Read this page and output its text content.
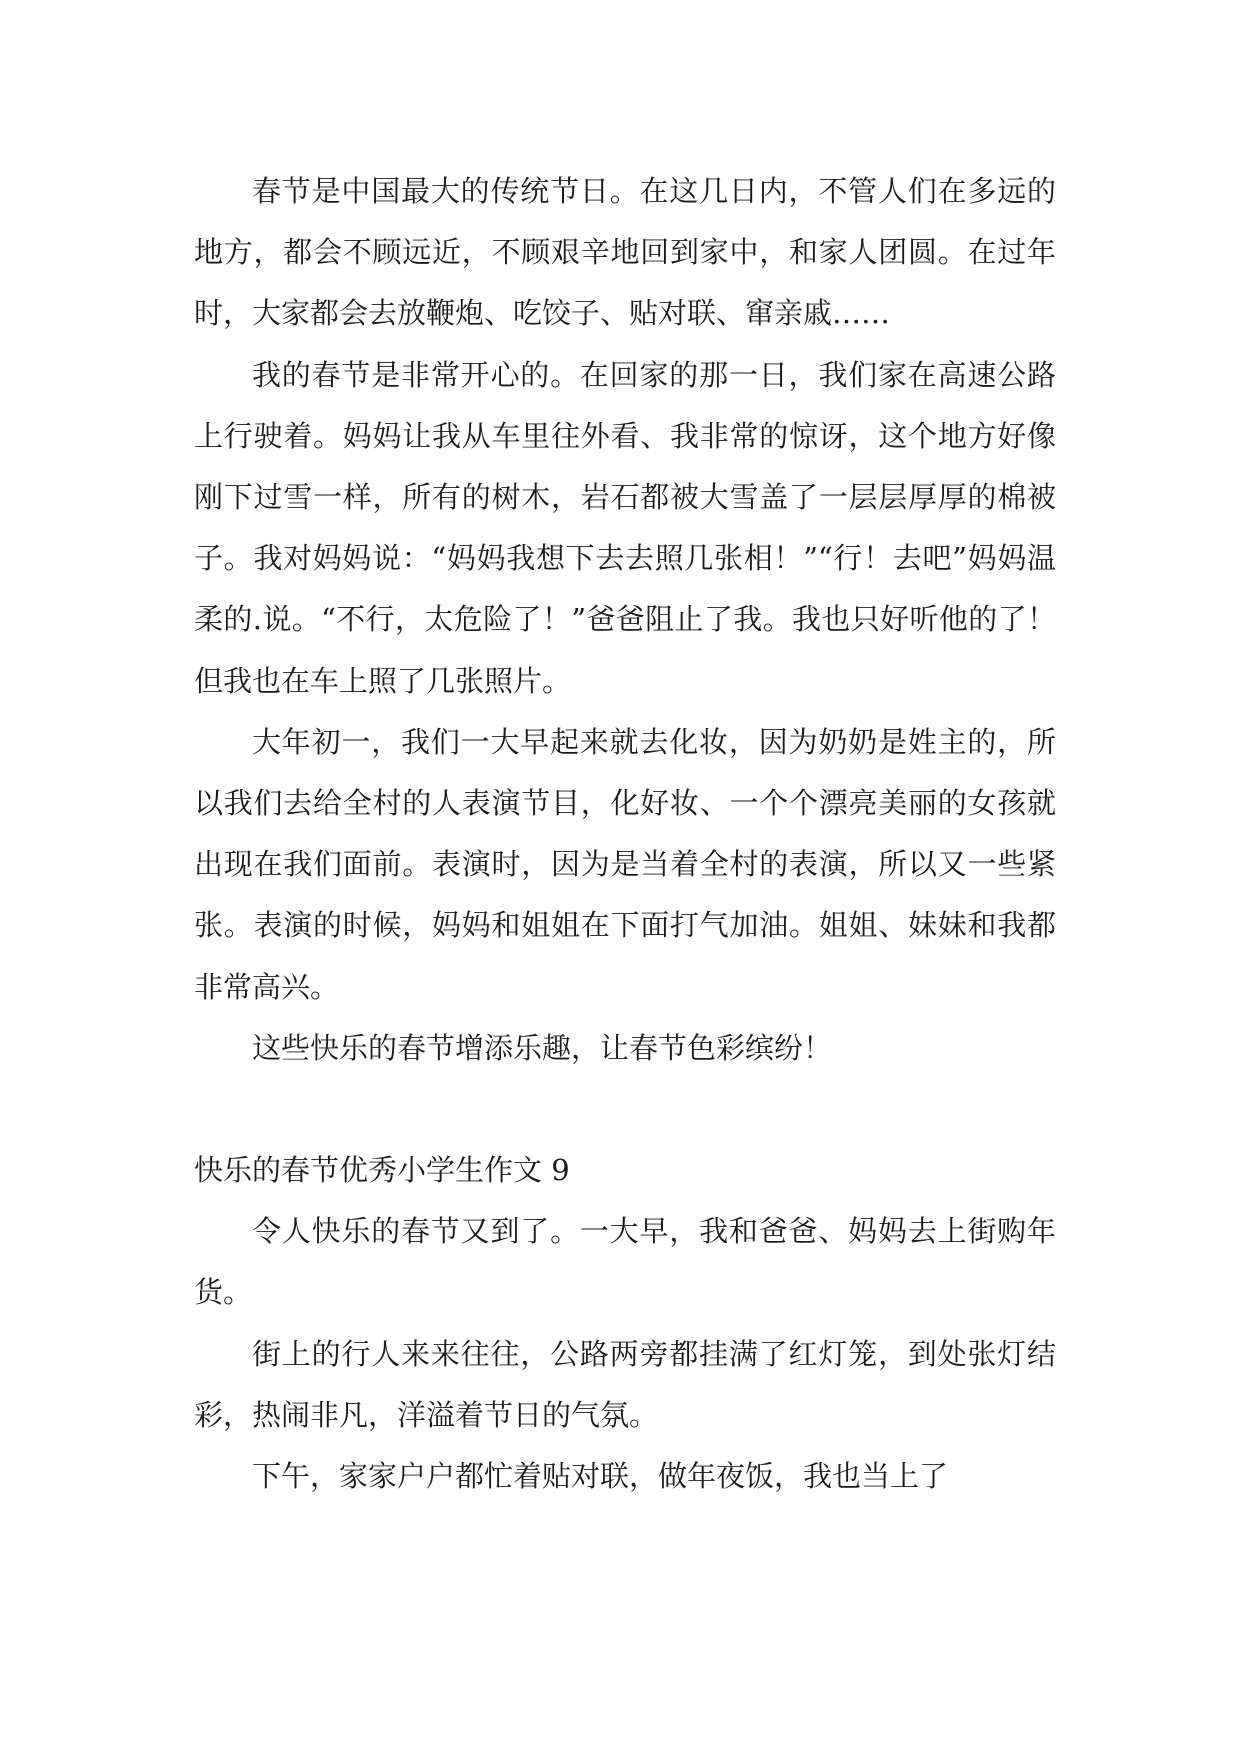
春节是中国最大的传统节日。在这几日内，不管人们在多远的地方，都会不顾远近，不顾艰辛地回到家中，和家人团圆。在过年时，大家都会去放鞭炮、吃饺子、贴对联、窜亲戚……

我的春节是非常开心的。在回家的那一日，我们家在高速公路上行驶着。妈妈让我从车里往外看、我非常的惊讶，这个地方好像刚下过雪一样，所有的树木，岩石都被大雪盖了一层层厚厚的棉被子。我对妈妈说：“妈妈我想下去去照几张相！”“行！去吧”妈妈温柔的.说。“不行，太危险了！”爸爸阻止了我。我也只好听他的了！但我也在车上照了几张照片。

大年初一，我们一大早起来就去化妆，因为奶奶是姓主的，所以我们去给全村的人表演节目，化好妆、一个个漂亮美丽的女孩就出现在我们面前。表演时，因为是当着全村的表演，所以又一些紧张。表演的时候，妈妈和姐姐在下面打气加油。姐姐、妹妹和我都非常高兴。

这些快乐的春节增添乐趣，让春节色彩缤纷！

快乐的春节优秀小学生作文 9

令人快乐的春节又到了。一大早，我和爸爸、妈妈去上街购年货。

街上的行人来来往往，公路两旁都挂满了红灯笼，到处张灯结彩，热闹非凡，洋溢着节日的气氛。

下午，家家户户都忙着贴对联，做年夜饭，我也当上了
